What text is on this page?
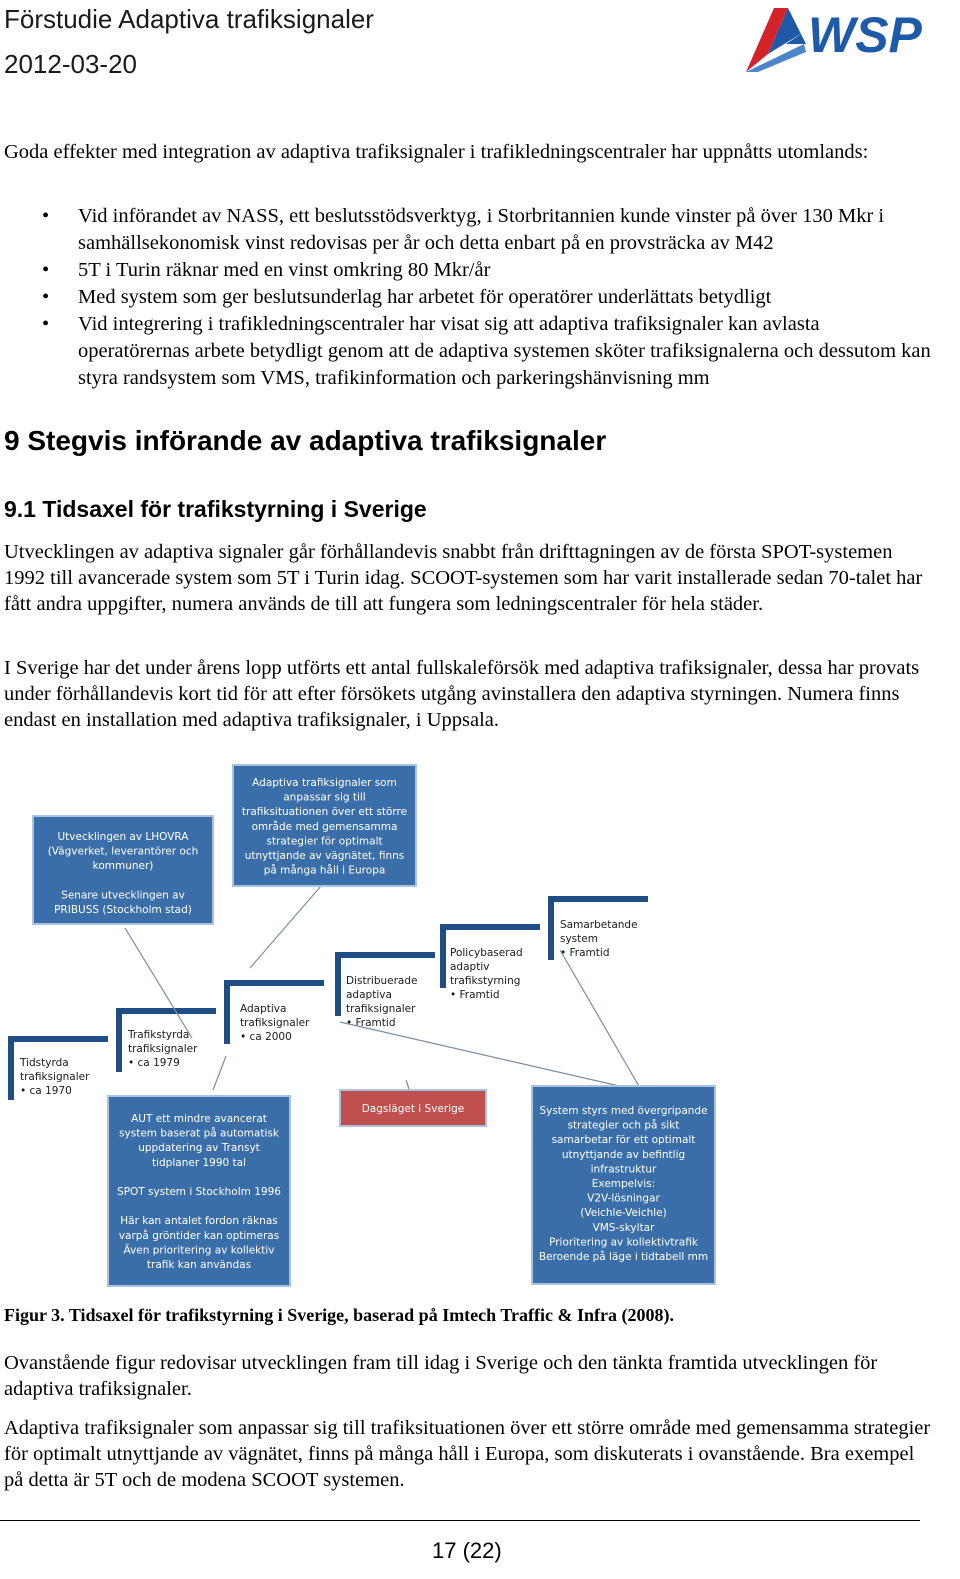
Förstudie Adaptiva trafiksignaler
2012-03-20
WSP
Goda effekter med integration av adaptiva trafiksignaler i trafikledningscentraler har uppnåtts utomlands:
• Vid införandet av NASS, ett beslutsstödsverktyg, i Storbritannien kunde vinster på över 130 Mkr i samhällsekonomisk vinst redovisas per år och detta enbart på en provsträcka av M42
• 5T i Turin räknar med en vinst omkring 80 Mkr/år
• Med system som ger beslutsunderlag har arbetet för operatörer underlättats betydligt
• Vid integrering i trafikledningscentraler har visat sig att adaptiva trafiksignaler kan avlasta operatörernas arbete betydligt genom att de adaptiva systemen sköter trafiksignalerna och dessutom kan styra randsystem som VMS, trafikinformation och parkeringshänvisning mm
9 Stegvis införande av adaptiva trafiksignaler
9.1 Tidsaxel för trafikstyrning i Sverige
Utvecklingen av adaptiva signaler går förhållandevis snabbt från drifttagningen av de första SPOT-systemen 1992 till avancerade system som 5T i Turin idag. SCOOT-systemen som har varit installerade sedan 70-talet har fått andra uppgifter, numera används de till att fungera som ledningscentraler för hela städer.
I Sverige har det under årens lopp utförts ett antal fullskaleförsök med adaptiva trafiksignaler, dessa har provats under förhållandevis kort tid för att efter försökets utgång avinstallera den adaptiva styrningen. Numera finns endast en installation med adaptiva trafiksignaler, i Uppsala.
Tidstyrda
trafiksignaler
• ca 1970
Trafikstyrda
trafiksignaler
• ca 1979
Adaptiva
trafiksignaler
• ca 2000
Distribuerade
adaptiva
trafiksignaler
• Framtid
Policybaserad
adaptiv
trafikstyrning
• Framtid
Samarbetande
system
• Framtid
Utvecklingen av LHOVRA
(Vägverket, leverantörer och
kommuner)
Senare utvecklingen av
PRIBUSS (Stockholm stad)
Adaptiva trafiksignaler som
anpassar sig till
trafiksituationen över ett större
område med gemensamma
strategier för optimalt
utnyttjande av vägnätet, finns
på många håll i Europa
AUT ett mindre avancerat
system baserat på automatisk
uppdatering av Transyt
tidplaner 1990 tal
SPOT system i Stockholm 1996
Här kan antalet fordon räknas
varpå gröntider kan optimeras
Även prioritering av kollektiv
trafik kan användas
System styrs med övergripande
strategier och på sikt
samarbetar för ett optimalt
utnyttjande av befintlig
infrastruktur
Exempelvis:
V2V-lösningar
(Veichle-Veichle)
VMS-skyltar
Prioritering av kollektivtrafik
Beroende på läge i tidtabell mm
Dagsläget i Sverige
Figur 3. Tidsaxel för trafikstyrning i Sverige, baserad på Imtech Traffic & Infra (2008).
Ovanstående figur redovisar utvecklingen fram till idag i Sverige och den tänkta framtida utvecklingen för adaptiva trafiksignaler.
Adaptiva trafiksignaler som anpassar sig till trafiksituationen över ett större område med gemensamma strategier för optimalt utnyttjande av vägnätet, finns på många håll i Europa, som diskuterats i ovanstående. Bra exempel på detta är 5T och de modena SCOOT systemen.
17 (22)
